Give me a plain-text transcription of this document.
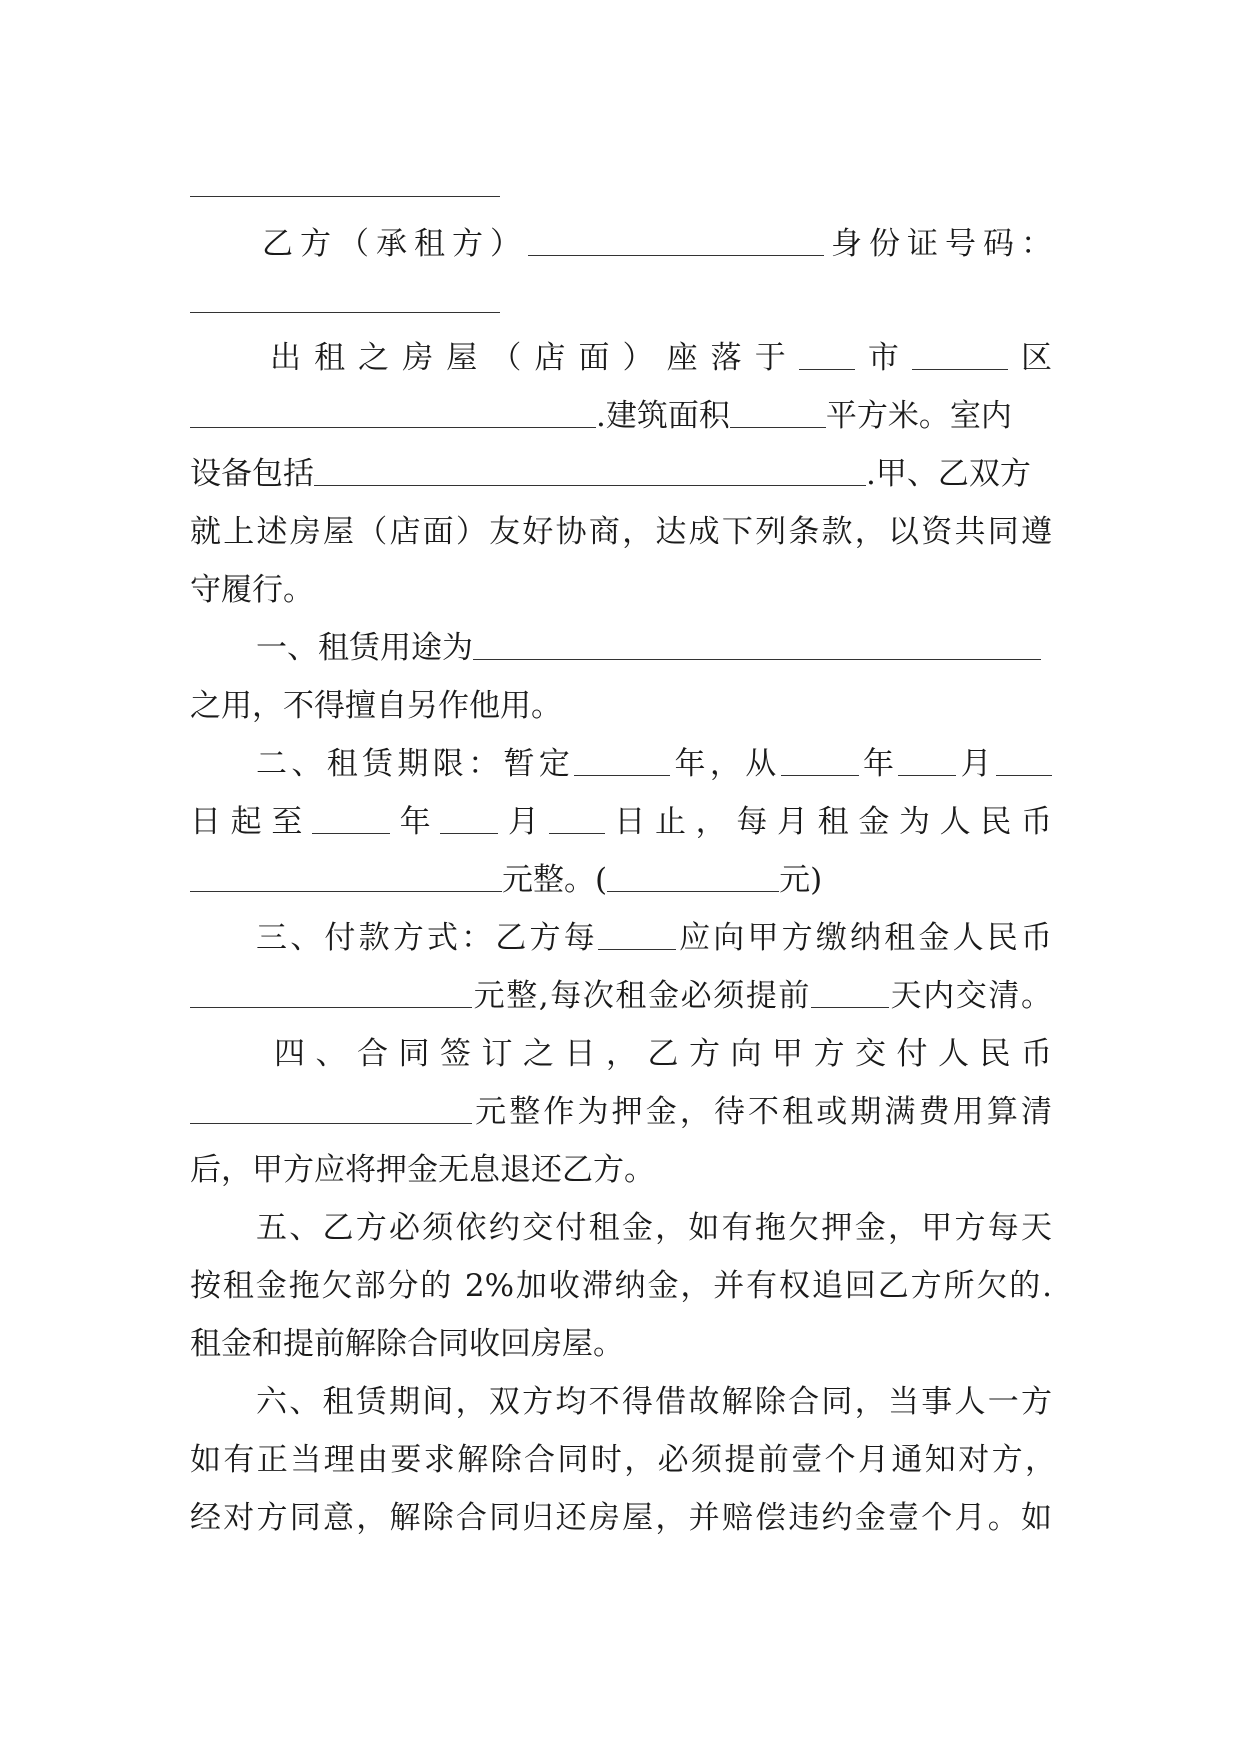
乙方（承租方）	身份证号码：
出租之房屋（店面）座落于 市	区
.建筑面积	平方米。室内
设备包括	.甲、乙双方
就上述房屋（店面）友好协商，达成下列条款，以资共同遵
守履行。
一、租赁用途为
之用，不得擅自另作他用。
二、租赁期限：暂定	年，从	年 月
日起至	年 月 日止，每月租金为人民币
元整。(	元)
三、付款方式：乙方每	应向甲方缴纳租金人民币
元整,每次租金必须提前	天内交清。
四、合同签订之日，乙方向甲方交付人民币
元整作为押金，待不租或期满费用算清
后，甲方应将押金无息退还乙方。
五、乙方必须依约交付租金，如有拖欠押金，甲方每天
按租金拖欠部分的 2%加收滞纳金，并有权追回乙方所欠的.
租金和提前解除合同收回房屋。
六、租赁期间，双方均不得借故解除合同，当事人一方
如有正当理由要求解除合同时，必须提前壹个月通知对方，
经对方同意，解除合同归还房屋，并赔偿违约金壹个月。如
